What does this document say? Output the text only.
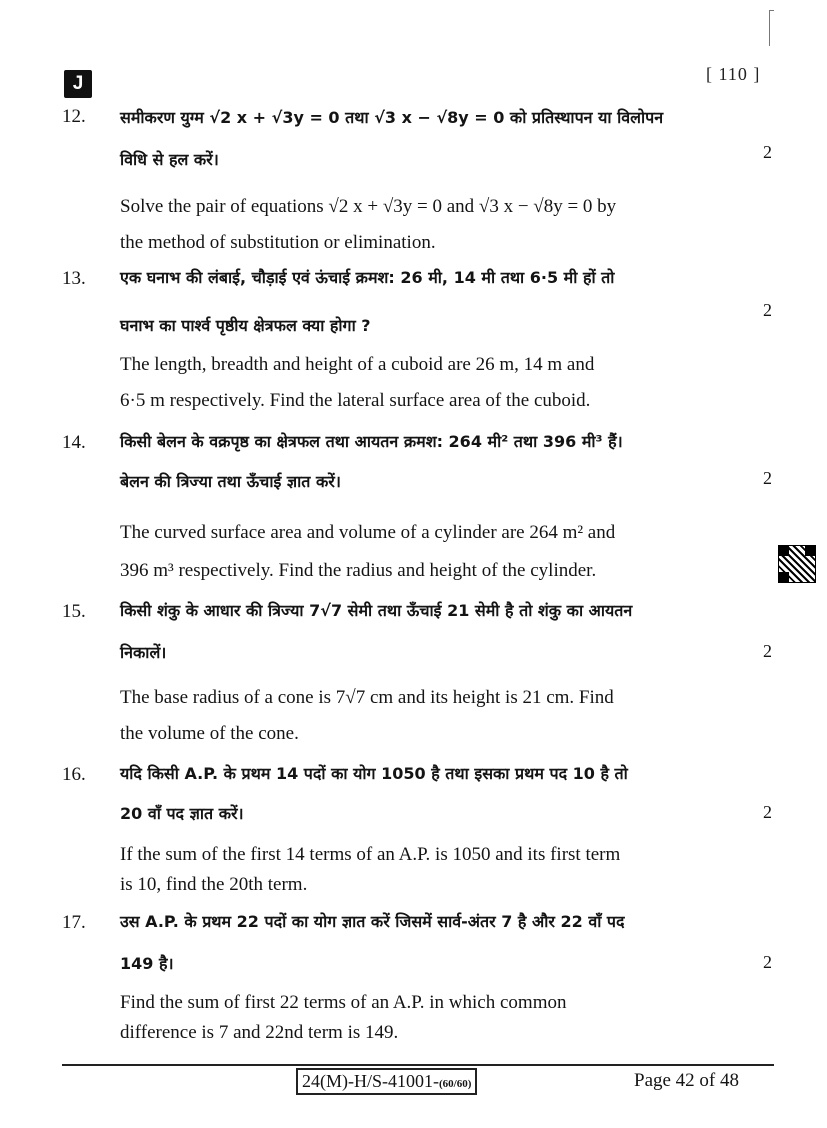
J	[ 110 ]
12. समीकरण युग्म √2 x + √3y = 0 तथा √3 x − √8y = 0 को प्रतिस्थापन या विलोपन
विधि से हल करें।	2
Solve the pair of equations √2 x + √3y = 0 and √3 x − √8y = 0 by
the method of substitution or elimination.
13. एक घनाभ की लंबाई, चौड़ाई एवं ऊंचाई क्रमश: 26 मी, 14 मी तथा 6·5 मी हों तो
घनाभ का पार्श्व पृष्ठीय क्षेत्रफल क्या होगा ?
2
The length, breadth and height of a cuboid are 26 m, 14 m and
6·5 m respectively. Find the lateral surface area of the cuboid.
14. किसी बेलन के वक्रपृष्ठ का क्षेत्रफल तथा आयतन क्रमश: 264 मी² तथा 396 मी³ हैं।
बेलन की त्रिज्या तथा ऊँचाई ज्ञात करें।	2
The curved surface area and volume of a cylinder are 264 m² and
396 m³ respectively. Find the radius and height of the cylinder.
15. किसी शंकु के आधार की त्रिज्या 7√7 सेमी तथा ऊँचाई 21 सेमी है तो शंकु का आयतन
निकालें।	2
The base radius of a cone is 7√7 cm and its height is 21 cm. Find
the volume of the cone.
16. यदि किसी A.P. के प्रथम 14 पदों का योग 1050 है तथा इसका प्रथम पद 10 है तो
20 वाँ पद ज्ञात करें।	2
If the sum of the first 14 terms of an A.P. is 1050 and its first term
is 10, find the 20th term.
17. उस A.P. के प्रथम 22 पदों का योग ज्ञात करें जिसमें सार्व-अंतर 7 है और 22 वाँ पद
149 है।	2
Find the sum of first 22 terms of an A.P. in which common
difference is 7 and 22nd term is 149.
24(M)-H/S-41001-(60/60)	Page 42 of 48
